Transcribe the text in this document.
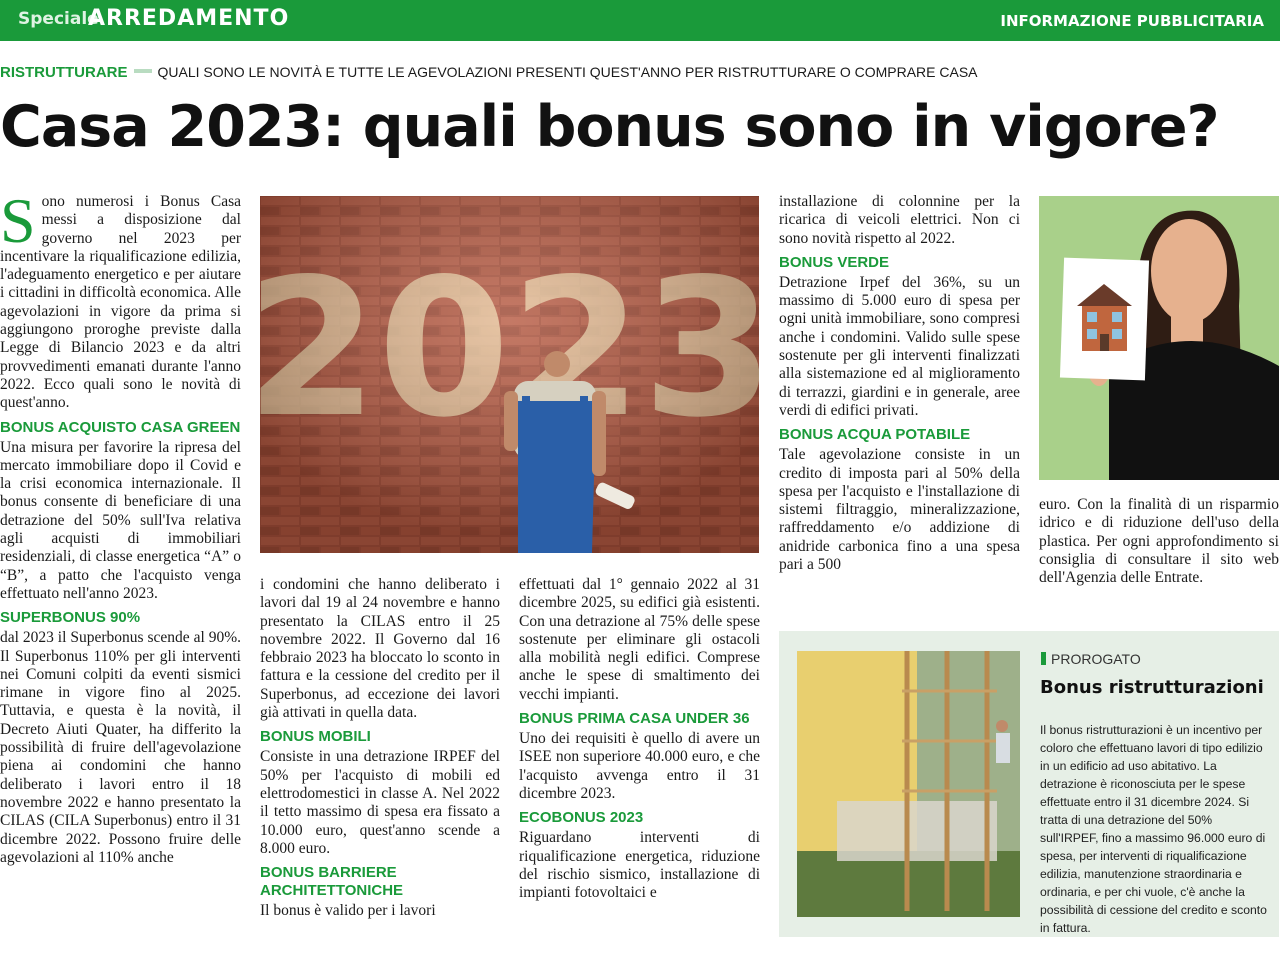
Speciale
ARREDAMENTO	INFORMAZIONE PUBBLICITARIA
RISTRUTTURARE QUALI SONO LE NOVITÀ E TUTTE LE AGEVOLAZIONI PRESENTI QUEST'ANNO PER RISTRUTTURARE O COMPRARE CASA
Casa 2023: quali bonus sono in vigore?

Sono numerosi i Bonus Casa messi a disposizione dal governo nel 2023 per incentivare la riqualificazione edilizia, l'adeguamento energetico e per aiutare i cittadini in difficoltà economica. Alle agevolazioni in vigore da prima si aggiungono proroghe previste dalla Legge di Bilancio 2023 e da altri provvedimenti emanati durante l'anno 2022. Ecco quali sono le novità di quest'anno.

BONUS ACQUISTO CASA GREEN

Una misura per favorire la ripresa del mercato immobiliare dopo il Covid e la crisi economica internazionale. Il bonus consente di beneficiare di una detrazione del 50% sull'Iva relativa agli acquisti di immobiliari residenziali, di classe energetica “A” o “B”, a patto che l'acquisto venga effettuato nell'anno 2023.

SUPERBONUS 90%

dal 2023 il Superbonus scende al 90%. Il Superbonus 110% per gli interventi nei Comuni colpiti da eventi sismici rimane in vigore fino al 2025. Tuttavia, e questa è la novità, il Decreto Aiuti Quater, ha differito la possibilità di fruire dell'agevolazione piena ai condomini che hanno deliberato i lavori entro il 18 novembre 2022 e hanno presentato la CILAS (CILA Superbonus) entro il 31 dicembre 2022. Possono fruire delle agevolazioni al 110% anche

i condomini che hanno deliberato i lavori dal 19 al 24 novembre e hanno presentato la CILAS entro il 25 novembre 2022. Il Governo dal 16 febbraio 2023 ha bloccato lo sconto in fattura e la cessione del credito per il Superbonus, ad eccezione dei lavori già attivati in quella data.

BONUS MOBILI

Consiste in una detrazione IRPEF del 50% per l'acquisto di mobili ed elettrodomestici in classe A. Nel 2022 il tetto massimo di spesa era fissato a 10.000 euro, quest'anno scende a 8.000 euro.

BONUS BARRIERE ARCHITETTONICHE

Il bonus è valido per i lavori

effettuati dal 1° gennaio 2022 al 31 dicembre 2025, su edifici già esistenti. Con una detrazione al 75% delle spese sostenute per eliminare gli ostacoli alla mobilità negli edifici. Comprese anche le spese di smaltimento dei vecchi impianti.

BONUS PRIMA CASA UNDER 36

Uno dei requisiti è quello di avere un ISEE non superiore 40.000 euro, e che l'acquisto avvenga entro il 31 dicembre 2023.

ECOBONUS 2023

Riguardano interventi di riqualificazione energetica, riduzione del rischio sismico, installazione di impianti fotovoltaici e

installazione di colonnine per la ricarica di veicoli elettrici. Non ci sono novità rispetto al 2022.

BONUS VERDE

Detrazione Irpef del 36%, su un massimo di 5.000 euro di spesa per ogni unità immobiliare, sono compresi anche i condomini. Valido sulle spese sostenute per gli interventi finalizzati alla sistemazione ed al miglioramento di terrazzi, giardini e in generale, aree verdi di edifici privati.

BONUS ACQUA POTABILE

Tale agevolazione consiste in un credito di imposta pari al 50% della spesa per l'acquisto e l'installazione di sistemi filtraggio, mineralizzazione, raffreddamento e/o addizione di anidride carbonica fino a una spesa pari a 500

euro. Con la finalità di un risparmio idrico e di riduzione dell'uso della plastica. Per ogni approfondimento si consiglia di consultare il sito web dell'Agenzia delle Entrate.

PROROGATO
Bonus ristrutturazioni
Il bonus ristrutturazioni è un incentivo per coloro che effettuano lavori di tipo edilizio in un edificio ad uso abitativo. La detrazione è riconosciuta per le spese effettuate entro il 31 dicembre 2024. Si tratta di una detrazione del 50% sull'IRPEF, fino a massimo 96.000 euro di spesa, per interventi di riqualificazione edilizia, manutenzione straordinaria e ordinaria, e per chi vuole, c'è anche la possibilità di cessione del credito e sconto in fattura.
